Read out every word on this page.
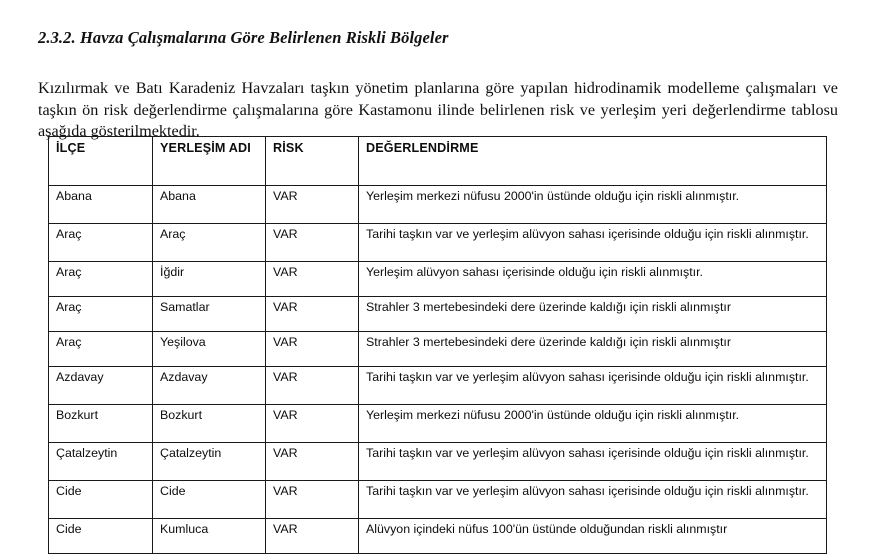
2.3.2. Havza Çalışmalarına Göre Belirlenen Riskli Bölgeler

Kızılırmak ve Batı Karadeniz Havzaları taşkın yönetim planlarına göre yapılan hidrodinamik modelleme çalışmaları ve taşkın ön risk değerlendirme çalışmalarına göre Kastamonu ilinde belirlenen risk ve yerleşim yeri değerlendirme tablosu aşağıda gösterilmektedir.

İLÇE	YERLEŞİM ADI	RİSK	DEĞERLENDİRME
Abana	Abana	VAR	Yerleşim merkezi nüfusu 2000'in üstünde olduğu için riskli alınmıştır.
Araç	Araç	VAR	Tarihi taşkın var ve yerleşim alüvyon sahası içerisinde olduğu için riskli alınmıştır.
Araç	İğdir	VAR	Yerleşim alüvyon sahası içerisinde olduğu için riskli alınmıştır.
Araç	Samatlar	VAR	Strahler 3 mertebesindeki dere üzerinde kaldığı için riskli alınmıştır
Araç	Yeşilova	VAR	Strahler 3 mertebesindeki dere üzerinde kaldığı için riskli alınmıştır
Azdavay	Azdavay	VAR	Tarihi taşkın var ve yerleşim alüvyon sahası içerisinde olduğu için riskli alınmıştır.
Bozkurt	Bozkurt	VAR	Yerleşim merkezi nüfusu 2000'in üstünde olduğu için riskli alınmıştır.
Çatalzeytin	Çatalzeytin	VAR	Tarihi taşkın var ve yerleşim alüvyon sahası içerisinde olduğu için riskli alınmıştır.
Cide	Cide	VAR	Tarihi taşkın var ve yerleşim alüvyon sahası içerisinde olduğu için riskli alınmıştır.
Cide	Kumluca	VAR	Alüvyon içindeki nüfus 100'ün üstünde olduğundan riskli alınmıştır
